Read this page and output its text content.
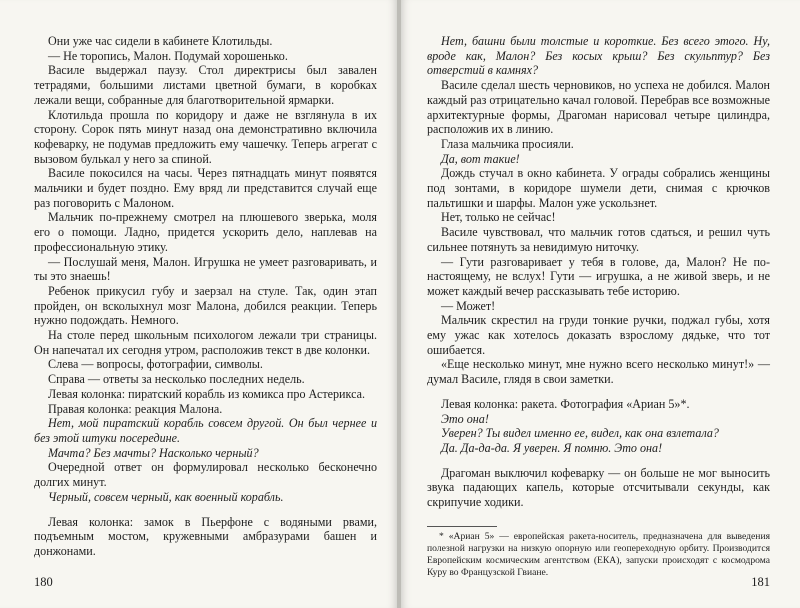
Они уже час сидели в кабинете Клотильды.

— Не торопись, Малон. Подумай хорошенько.

Василе выдержал паузу. Стол директрисы был завален тетрадями, большими листами цветной бумаги, в коробках лежали вещи, собранные для благотворительной ярмарки.

Клотильда прошла по коридору и даже не взглянула в их сторону. Сорок пять минут назад она демонстративно включила кофеварку, не подумав предложить ему чашечку. Теперь агрегат с вызовом булькал у него за спиной.

Василе покосился на часы. Через пятнадцать минут появятся мальчики и будет поздно. Ему вряд ли представится случай еще раз поговорить с Малоном.

Мальчик по-прежнему смотрел на плюшевого зверька, моля его о помощи. Ладно, придется ускорить дело, наплевав на профессиональную этику.

— Послушай меня, Малон. Игрушка не умеет разговаривать, и ты это знаешь!

Ребенок прикусил губу и заерзал на стуле. Так, один этап пройден, он всколыхнул мозг Малона, добился реакции. Теперь нужно подождать. Немного.

На столе перед школьным психологом лежали три страницы. Он напечатал их сегодня утром, расположив текст в две колонки.

Слева — вопросы, фотографии, символы.

Справа — ответы за несколько последних недель.

Левая колонка: пиратский корабль из комикса про Астерикса.

Правая колонка: реакция Малона.

Нет, мой пиратский корабль совсем другой. Он был чернее и без этой штуки посередине.

Мачта? Без мачты? Насколько черный?

Очередной ответ он формулировал несколько бесконечно долгих минут.

Черный, совсем черный, как военный корабль.

Левая колонка: замок в Пьерфоне с водяными рвами, подъемным мостом, кружевными амбразурами башен и донжонами.

180

Нет, башни были толстые и короткие. Без всего этого. Ну, вроде как, Малон? Без косых крыш? Без скульптур? Без отверстий в камнях?

Василе сделал шесть черновиков, но успеха не добился. Малон каждый раз отрицательно качал головой. Перебрав все возможные архитектурные формы, Драгоман нарисовал четыре цилиндра, расположив их в линию.

Глаза мальчика просияли.

Да, вот такие!

Дождь стучал в окно кабинета. У ограды собрались женщины под зонтами, в коридоре шумели дети, снимая с крючков пальтишки и шарфы. Малон уже ускользнет.

Нет, только не сейчас!

Василе чувствовал, что мальчик готов сдаться, и решил чуть сильнее потянуть за невидимую ниточку.

— Гути разговаривает у тебя в голове, да, Малон? Не по-настоящему, не вслух! Гути — игрушка, а не живой зверь, и не может каждый вечер рассказывать тебе историю.

— Может!

Мальчик скрестил на груди тонкие ручки, поджал губы, хотя ему ужас как хотелось доказать взрослому дядьке, что тот ошибается.

«Еще несколько минут, мне нужно всего несколько минут!» — думал Василе, глядя в свои заметки.

Левая колонка: ракета. Фотография «Ариан 5»*.

Это она!

Уверен? Ты видел именно ее, видел, как она взлетала?

Да. Да-да-да. Я уверен. Я помню. Это она!

Драгоман выключил кофеварку — он больше не мог выносить звука падающих капель, которые отсчитывали секунды, как скрипучие ходики.

* «Ариан 5» — европейская ракета-носитель, предназначена для выведения полезной нагрузки на низкую опорную или геопереходную орбиту. Производится Европейским космическим агентством (ЕКА), запуски происходят с космодрома Куру во Французской Гвиане.

181
